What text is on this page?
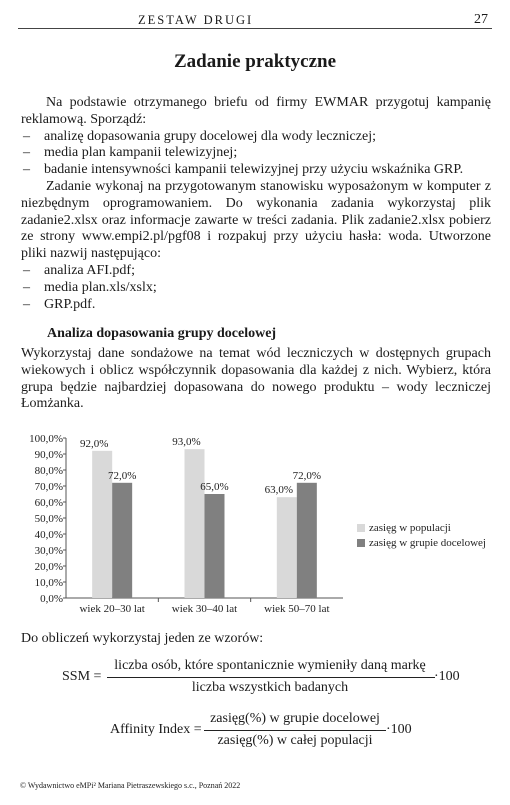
ZESTAW DRUGI	27
Zadanie praktyczne

Na podstawie otrzymanego briefu od firmy EWMAR przygotuj kampanię reklamową. Sporządź:

– analizę dopasowania grupy docelowej dla wody leczniczej;
– media plan kampanii telewizyjnej;
– badanie intensywności kampanii telewizyjnej przy użyciu wskaźnika GRP.

Zadanie wykonaj na przygotowanym stanowisku wyposażonym w komputer z niezbędnym oprogramowaniem. Do wykonania zadania wykorzystaj plik zadanie2.xlsx oraz informacje zawarte w treści zadania. Plik zadanie2.xlsx pobierz ze strony www.empi2.pl/pgf08 i rozpakuj przy użyciu hasła: woda. Utworzone pliki nazwij następująco:

– analiza AFI.pdf;
– media plan.xls/xslx;
– GRP.pdf.
Analiza dopasowania grupy docelowej
Wykorzystaj dane sondażowe na temat wód leczniczych w dostępnych grupach wiekowych i oblicz współczynnik dopasowania dla każdej z nich. Wybierz, która grupa będzie najbardziej dopasowana do nowego produktu – wody leczniczej Łomżanka.
0,0%
10,0%
20,0%
30,0%
40,0%
50,0%
60,0%
70,0%
80,0%
90,0%
100,0%
wiek 20–30 lat
92,0%
72,0%
wiek 30–40 lat
93,0%
65,0%
wiek 50–70 lat
63,0%
72,0%
zasięg w populacji
zasięg w grupie docelowej
Do obliczeń wykorzystaj jeden ze wzorów:
SSM =
liczba osób, które spontanicznie wymieniły daną markę
liczba wszystkich badanych
·100
Affinity Index =
zasięg(%) w grupie docelowej
zasięg(%) w całej populacji
·100
© Wydawnictwo eMPi² Mariana Pietraszewskiego s.c., Poznań 2022
